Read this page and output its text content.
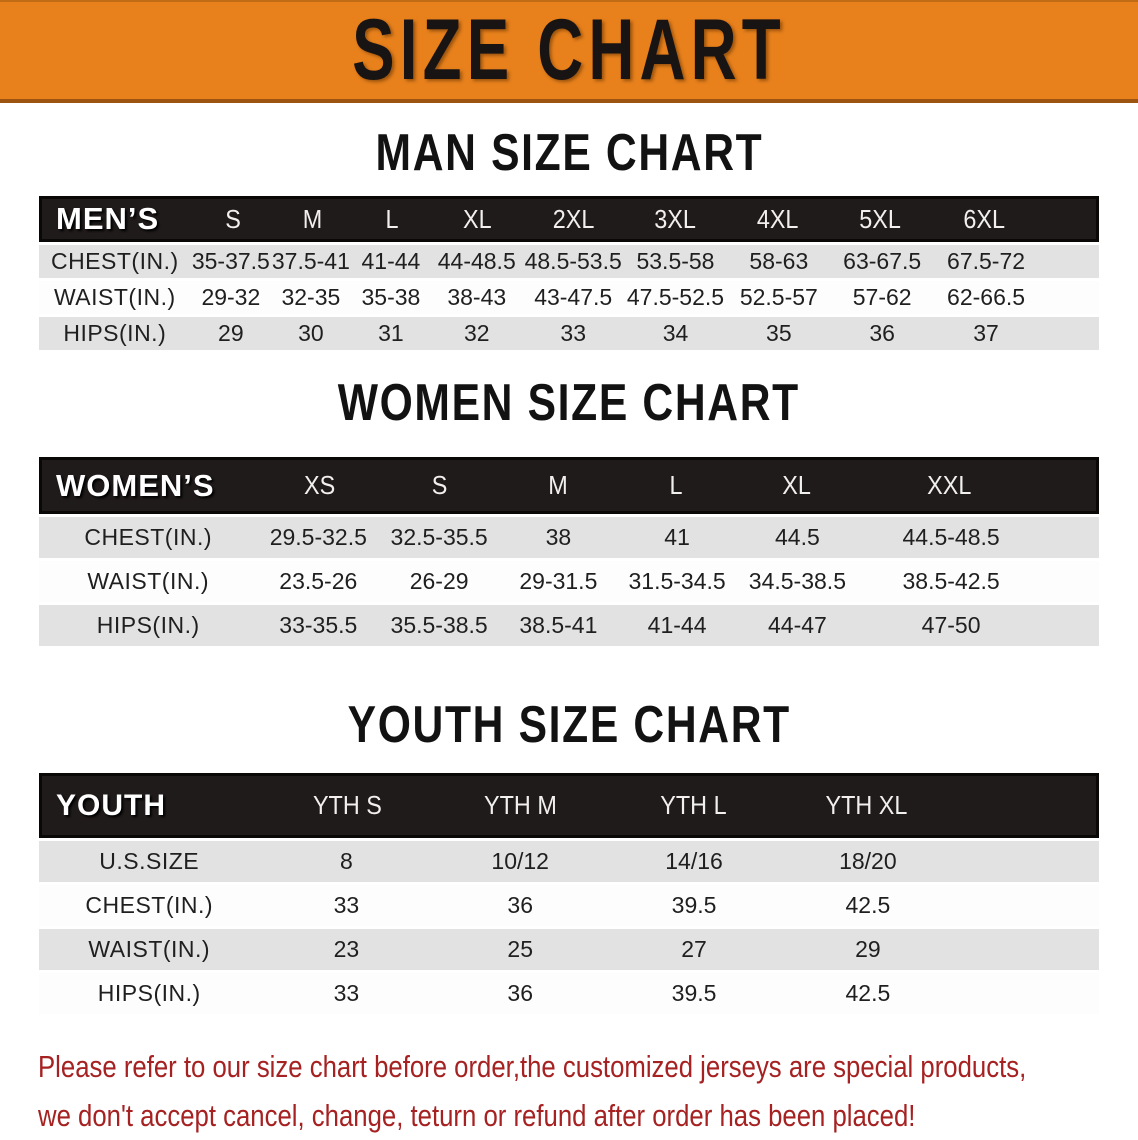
SIZE CHART
MAN SIZE CHART
MEN’S	S	M	L	XL	2XL	3XL	4XL	5XL	6XL
CHEST(IN.) 35-37.5 37.5-41 41-44 44-48.5 48.5-53.5 53.5-58	58-63	63-67.5	67.5-72
WAIST(IN.)	29-32 32-35 35-38	38-43	43-47.5 47.5-52.5 52.5-57	57-62	62-66.5
HIPS(IN.)	29	30	31	32	33	34	35	36	37
WOMEN SIZE CHART
WOMEN’S	XS	S	M	L	XL	XXL
CHEST(IN.)	29.5-32.5	32.5-35.5	38	41	44.5	44.5-48.5
WAIST(IN.)	23.5-26	26-29	29-31.5	31.5-34.5	34.5-38.5	38.5-42.5
HIPS(IN.)	33-35.5	35.5-38.5	38.5-41	41-44	44-47	47-50
YOUTH SIZE CHART
YOUTH	YTH S	YTH M	YTH L	YTH XL
U.S.SIZE	8	10/12	14/16	18/20
CHEST(IN.)	33	36	39.5	42.5
WAIST(IN.)	23	25	27	29
HIPS(IN.)	33	36	39.5	42.5
Please refer to our size chart before order,the customized jerseys are special products,
we don't accept cancel, change, teturn or refund after order has been placed!
